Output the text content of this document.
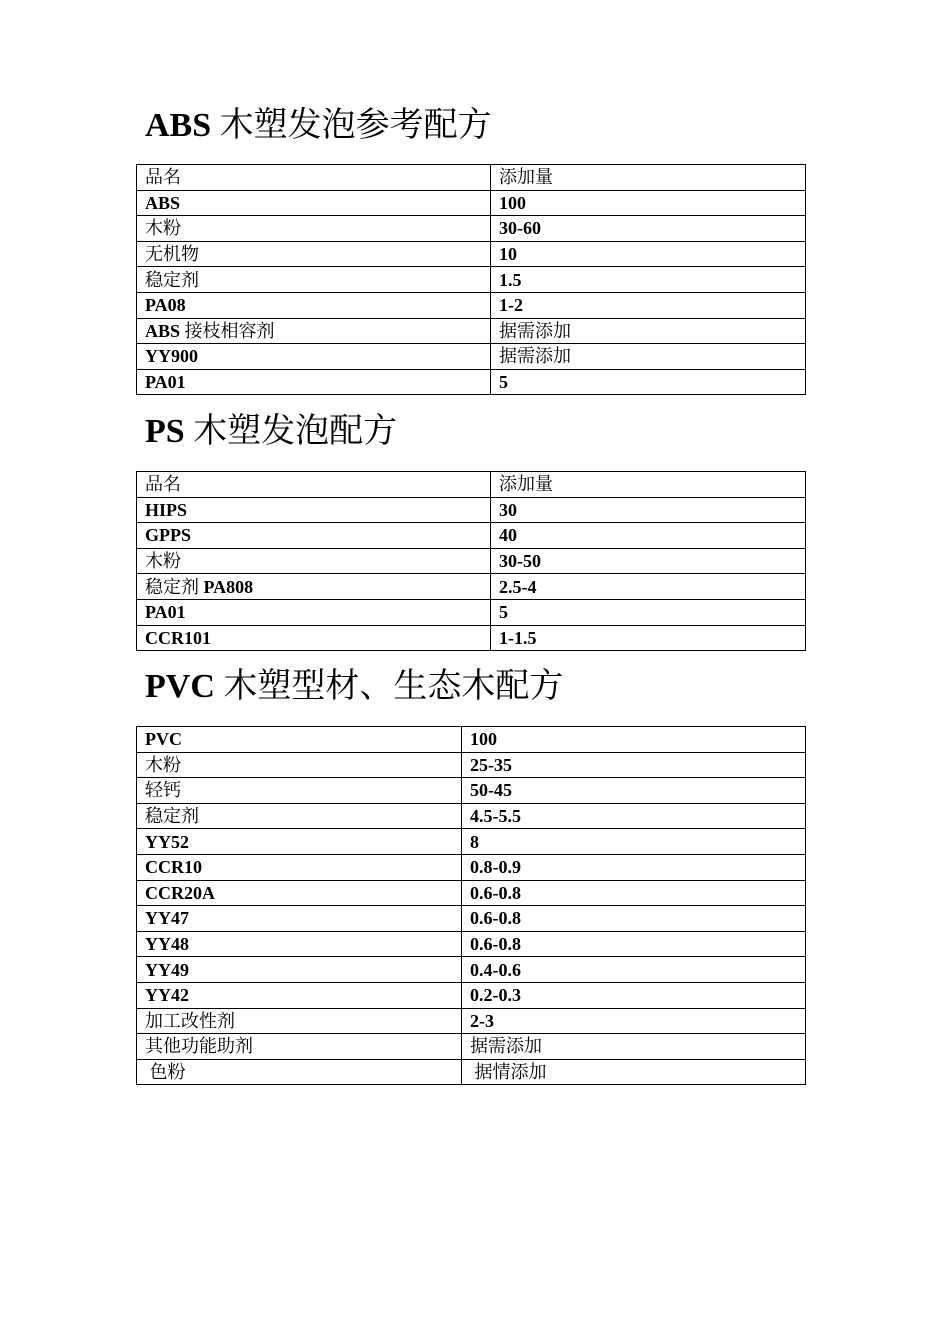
ABS 木塑发泡参考配方
品名	添加量
ABS	100
木粉	30-60
无机物	10
稳定剂	1.5
PA08	1-2
ABS 接枝相容剂	据需添加
YY900	据需添加
PA01	5
PS 木塑发泡配方
品名	添加量
HIPS	30
GPPS	40
木粉	30-50
稳定剂 PA808	2.5-4
PA01	5
CCR101	1-1.5
PVC 木塑型材、生态木配方
PVC	100
木粉	25-35
轻钙	50-45
稳定剂	4.5-5.5
YY52	8
CCR10	0.8-0.9
CCR20A	0.6-0.8
YY47	0.6-0.8
YY48	0.6-0.8
YY49	0.4-0.6
YY42	0.2-0.3
加工改性剂	2-3
其他功能助剂	据需添加
色粉	据情添加
